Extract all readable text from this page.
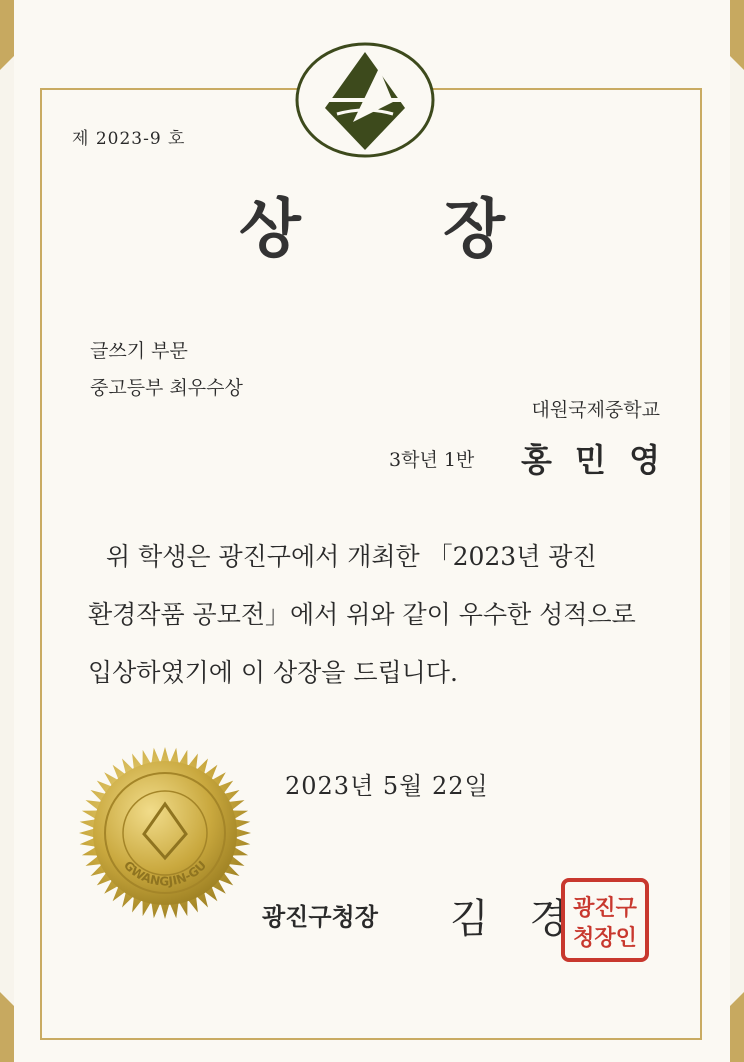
제 2023-9 호
상 장
글쓰기 부문
중고등부 최우수상
대원국제중학교
3학년 1반 홍 민 영
위 학생은 광진구에서 개최한 「2023년 광진
환경작품 공모전」에서 위와 같이 우수한 성적으로
입상하였기에 이 상장을 드립니다.
GWANGJIN-GU
2023년 5월 22일
광진구청장 김 경
광진구
청장인
